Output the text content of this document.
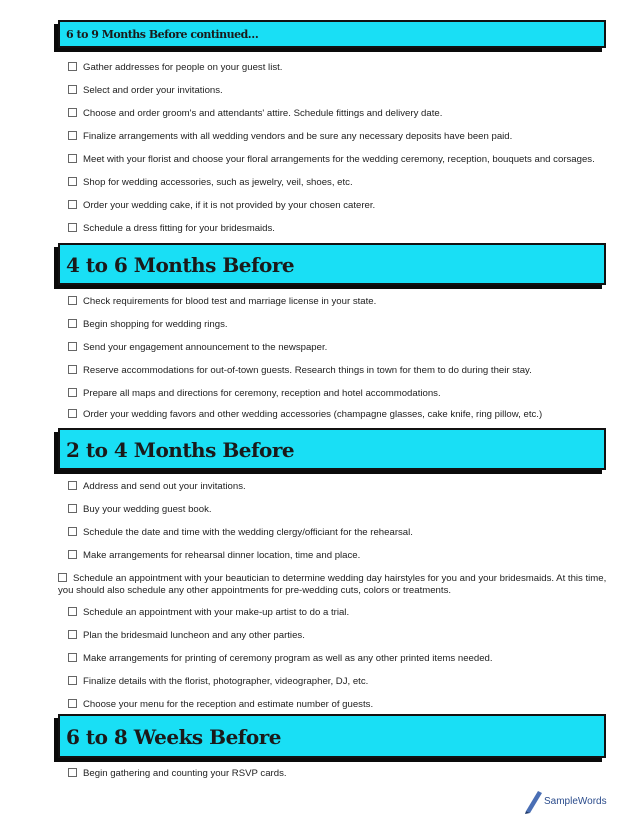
6 to 9 Months Before continued…
Gather addresses for people on your guest list.
Select and order your invitations.
Choose and order groom's and attendants' attire. Schedule fittings and delivery date.
Finalize arrangements with all wedding vendors and be sure any necessary deposits have been paid.
Meet with your florist and choose your floral arrangements for the wedding ceremony, reception, bouquets and corsages.
Shop for wedding accessories, such as jewelry, veil, shoes, etc.
Order your wedding cake, if it is not provided by your chosen caterer.
Schedule a dress fitting for your bridesmaids.
4 to 6 Months Before
Check requirements for blood test and marriage license in your state.
Begin shopping for wedding rings.
Send your engagement announcement to the newspaper.
Reserve accommodations for out-of-town guests. Research things in town for them to do during their stay.
Prepare all maps and directions for ceremony, reception and hotel accommodations.
Order your wedding favors and other wedding accessories (champagne glasses, cake knife, ring pillow, etc.)
2 to 4 Months Before
Address and send out your invitations.
Buy your wedding guest book.
Schedule the date and time with the wedding clergy/officiant for the rehearsal.
Make arrangements for rehearsal dinner location, time and place.
Schedule an appointment with your beautician to determine wedding day hairstyles for you and your bridesmaids. At this time, you should also schedule any other appointments for pre-wedding cuts, colors or treatments.
Schedule an appointment with your make-up artist to do a trial.
Plan the bridesmaid luncheon and any other parties.
Make arrangements for printing of ceremony program as well as any other printed items needed.
Finalize details with the florist, photographer, videographer, DJ, etc.
Choose your menu for the reception and estimate number of guests.
6 to 8 Weeks Before
Begin gathering and counting your RSVP cards.
SampleWords
